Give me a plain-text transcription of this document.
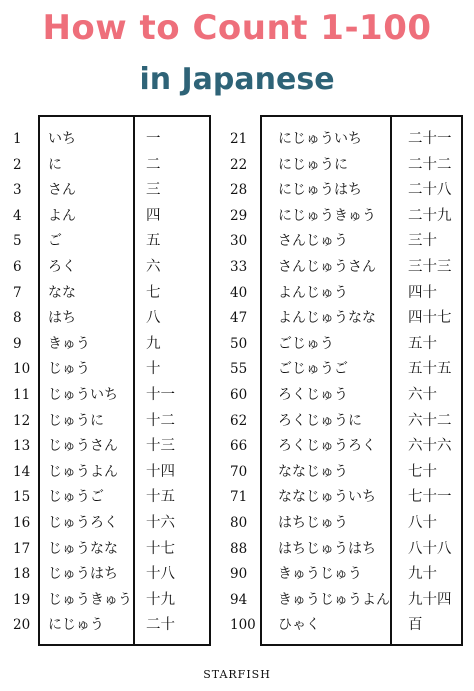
How to Count 1-100
in Japanese
1 いち	一
2 に	二
3 さん	三
4 よん	四
5 ご	五
6 ろく	六
7 なな	七
8 はち	八
9 きゅう	九
10 じゅう	十
11 じゅういち 十一
12 じゅうに	十二
13 じゅうさん 十三
14 じゅうよん 十四
15 じゅうご	十五
16 じゅうろく 十六
17 じゅうなな 十七
18 じゅうはち 十八
19 じゅうきゅう 十九
20 にじゅう	二十
21 にじゅういち	二十一
22 にじゅうに	二十二
28 にじゅうはち	二十八
29 にじゅうきゅう 二十九
30 さんじゅう	三十
33 さんじゅうさん 三十三
40 よんじゅう	四十
47 よんじゅうなな 四十七
50 ごじゅう	五十
55 ごじゅうご	五十五
60 ろくじゅう	六十
62 ろくじゅうに	六十二
66 ろくじゅうろく 六十六
70 ななじゅう	七十
71 ななじゅういち 七十一
80 はちじゅう	八十
88 はちじゅうはち 八十八
90 きゅうじゅう	九十
94 きゅうじゅうよん 九十四
100 ひゃく	百
STARFISH
